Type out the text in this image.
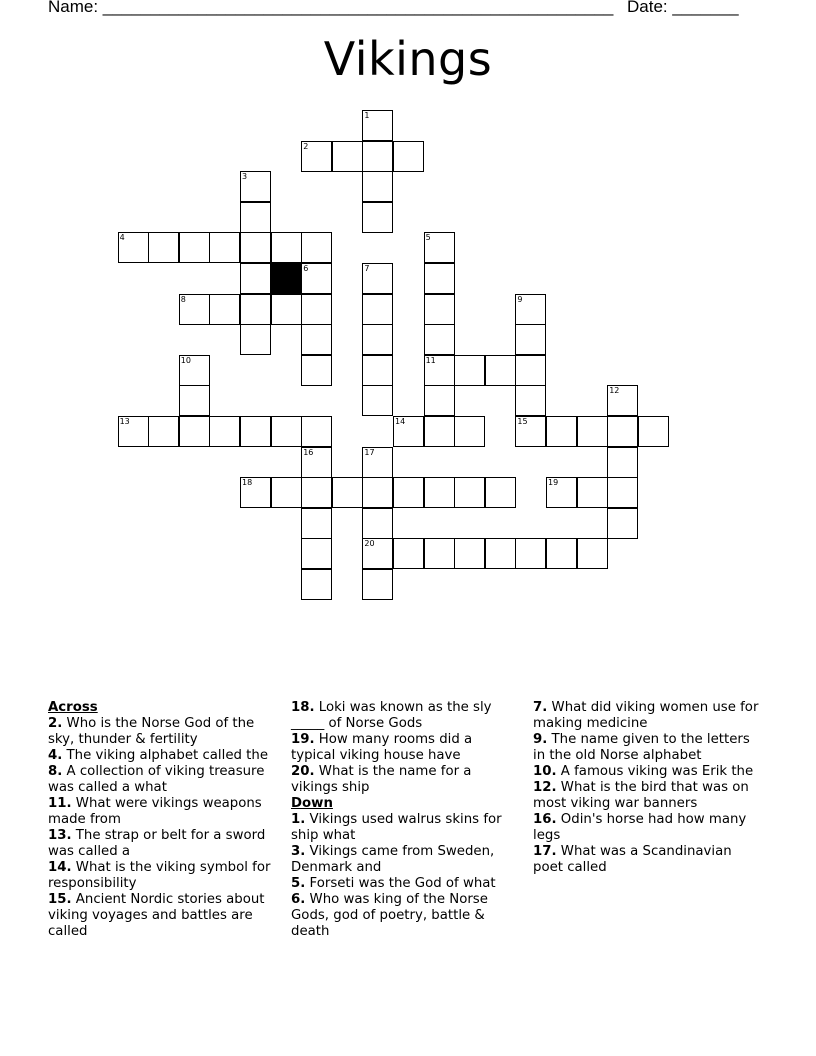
Name: ______________________________________________________ Date: _______
Vikings
1
2
3
4	5
6	7
8	9
10	11
12
13	14	15
16	17
18	19
20
Across
2. Who is the Norse God of the sky, thunder & fertility
4. The viking alphabet called the
8. A collection of viking treasure was called a what
11. What were vikings weapons made from
13. The strap or belt for a sword was called a
14. What is the viking symbol for responsibility
15. Ancient Nordic stories about viking voyages and battles are called
18. Loki was known as the sly _____ of Norse Gods
19. How many rooms did a typical viking house have
20. What is the name for a vikings ship
Down
1. Vikings used walrus skins for ship what
3. Vikings came from Sweden, Denmark and
5. Forseti was the God of what
6. Who was king of the Norse Gods, god of poetry, battle & death
7. What did viking women use for making medicine
9. The name given to the letters in the old Norse alphabet
10. A famous viking was Erik the
12. What is the bird that was on most viking war banners
16. Odin's horse had how many legs
17. What was a Scandinavian poet called
